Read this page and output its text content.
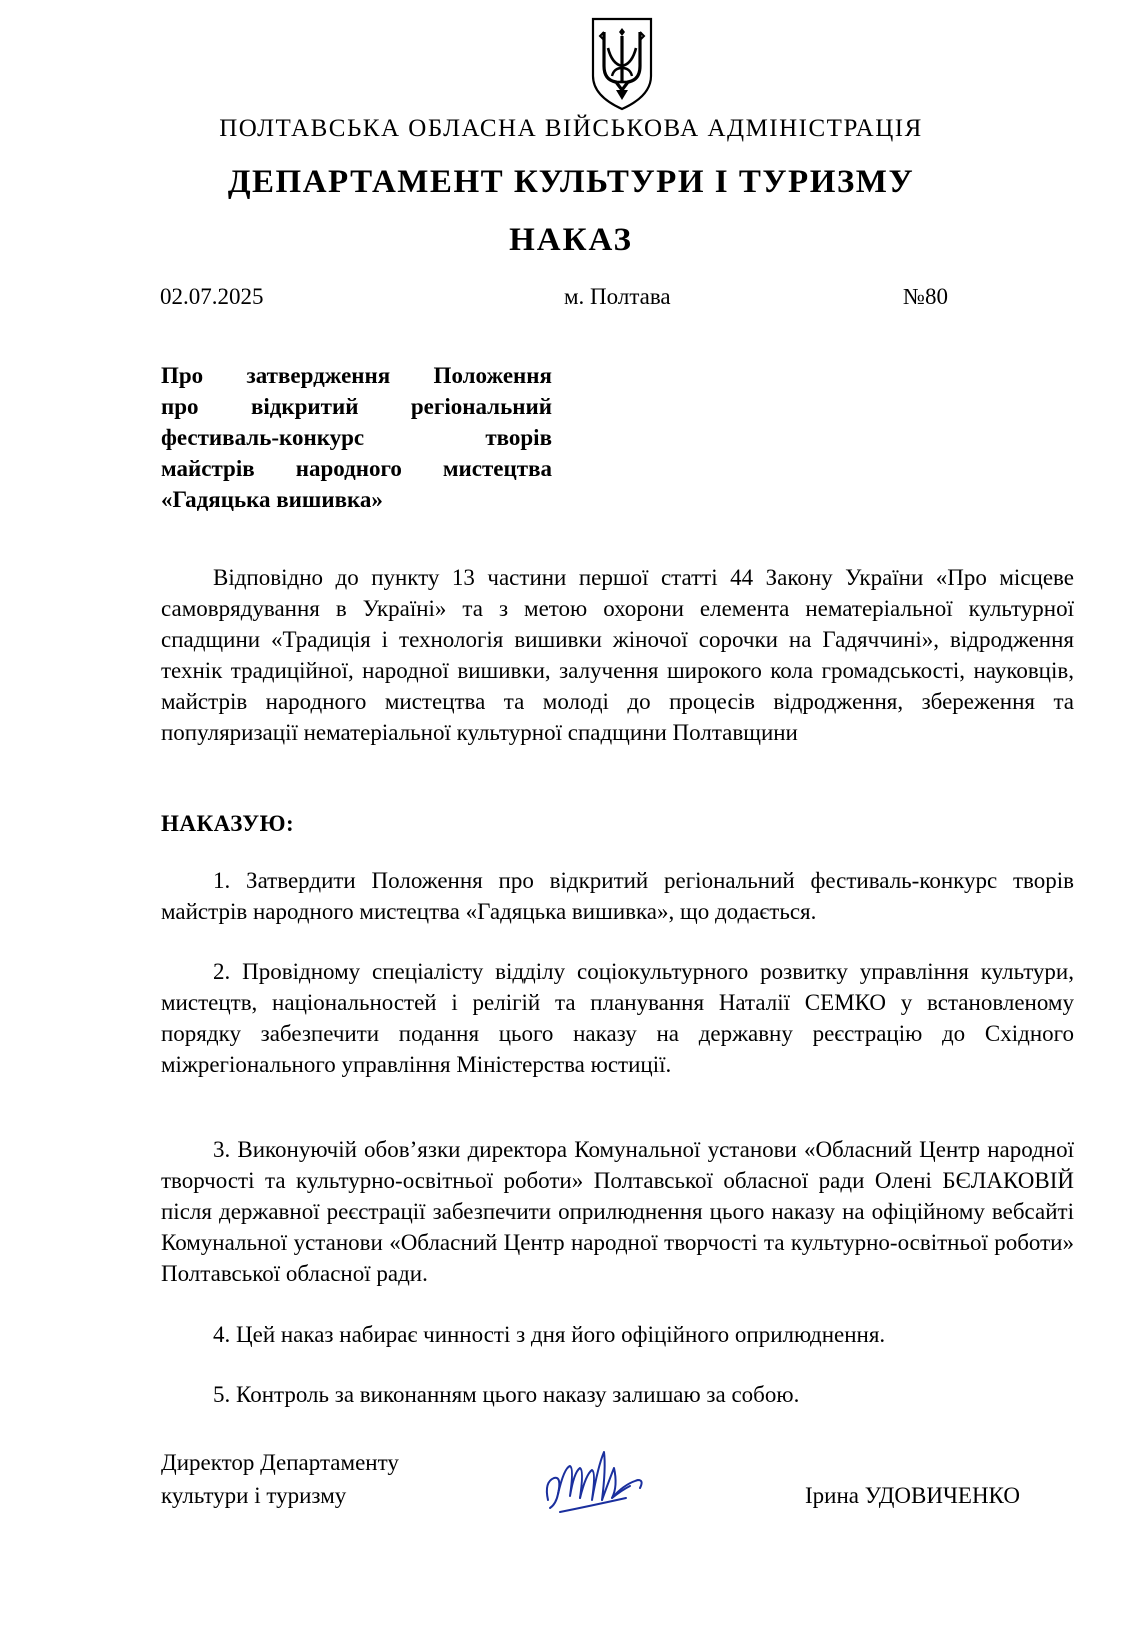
ПОЛТАВСЬКА ОБЛАСНА ВІЙСЬКОВА АДМІНІСТРАЦІЯ
ДЕПАРТАМЕНТ КУЛЬТУРИ І ТУРИЗМУ
НАКАЗ
02.07.2025	м. Полтава	№80
Про затвердження Положення
про відкритий регіональний
фестиваль-конкурс творів
майстрів народного мистецтва
«Гадяцька вишивка»
Відповідно до пункту 13 частини першої статті 44 Закону України «Про місцеве самоврядування в Україні» та з метою охорони елемента нематеріальної культурної спадщини «Традиція і технологія вишивки жіночої сорочки на Гадяччині», відродження технік традиційної, народної вишивки, залучення широкого кола громадськості, науковців, майстрів народного мистецтва та молоді до процесів відродження, збереження та популяризації нематеріальної культурної спадщини Полтавщини
НАКАЗУЮ:
1. Затвердити Положення про відкритий регіональний фестиваль-конкурс творів майстрів народного мистецтва «Гадяцька вишивка», що додається.
2. Провідному спеціалісту відділу соціокультурного розвитку управління культури, мистецтв, національностей і релігій та планування Наталії СЕМКО у встановленому порядку забезпечити подання цього наказу на державну реєстрацію до Східного міжрегіонального управління Міністерства юстиції.
3. Виконуючій обов’язки директора Комунальної установи «Обласний Центр народної творчості та культурно-освітньої роботи» Полтавської обласної ради Олені БЄЛАКОВІЙ після державної реєстрації забезпечити оприлюднення цього наказу на офіційному вебсайті Комунальної установи «Обласний Центр народної творчості та культурно-освітньої роботи» Полтавської обласної ради.
4. Цей наказ набирає чинності з дня його офіційного оприлюднення.
5. Контроль за виконанням цього наказу залишаю за собою.
Директор Департаменту
культури і туризму	Ірина УДОВИЧЕНКО
